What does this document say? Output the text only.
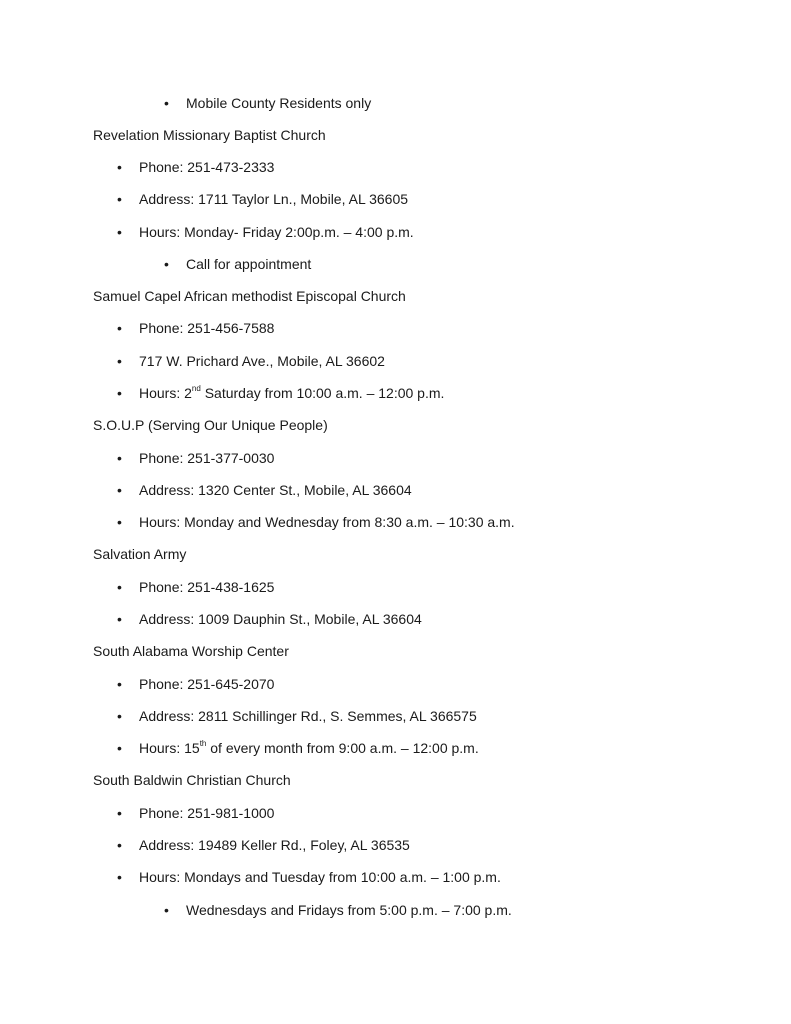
• Mobile County Residents only
Revelation Missionary Baptist Church
• Phone: 251-473-2333
• Address: 1711 Taylor Ln., Mobile, AL 36605
• Hours: Monday- Friday 2:00p.m. – 4:00 p.m.
• Call for appointment
Samuel Capel African methodist Episcopal Church
• Phone: 251-456-7588
• 717 W. Prichard Ave., Mobile, AL 36602
• Hours: 2nd Saturday from 10:00 a.m. – 12:00 p.m.
S.O.U.P (Serving Our Unique People)
• Phone: 251-377-0030
• Address: 1320 Center St., Mobile, AL 36604
• Hours: Monday and Wednesday from 8:30 a.m. – 10:30 a.m.
Salvation Army
• Phone: 251-438-1625
• Address: 1009 Dauphin St., Mobile, AL 36604
South Alabama Worship Center
• Phone: 251-645-2070
• Address: 2811 Schillinger Rd., S. Semmes, AL 366575
• Hours: 15th of every month from 9:00 a.m. – 12:00 p.m.
South Baldwin Christian Church
• Phone: 251-981-1000
• Address: 19489 Keller Rd., Foley, AL 36535
• Hours: Mondays and Tuesday from 10:00 a.m. – 1:00 p.m.
• Wednesdays and Fridays from 5:00 p.m. – 7:00 p.m.
